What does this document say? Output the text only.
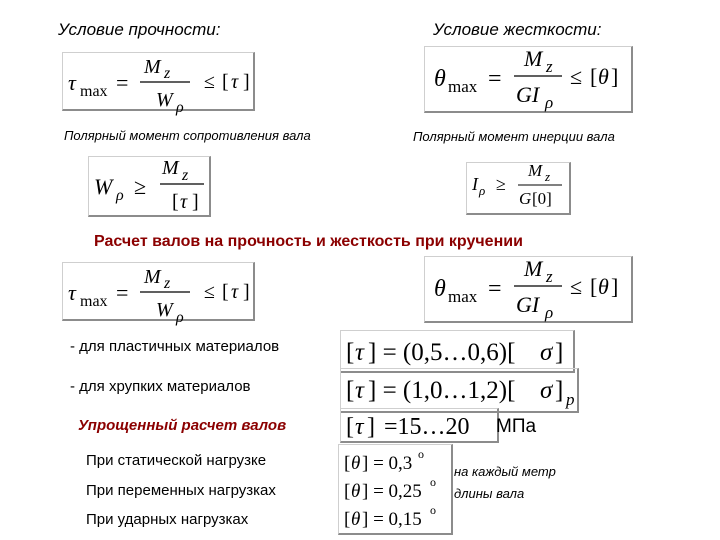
Условие прочности:	Условие жесткости:
Полярный момент сопротивления вала	Полярный момент инерции вала
Расчет валов на прочность и жесткость при кручении
- для пластичных материалов
- для хрупких материалов
Упрощенный расчет валов	МПа
При статической нагрузке
При переменных нагрузках
При ударных нагрузках
на каждый метр
длины вала
τ max =
M z
W ρ
≤ [ τ ]	θ max =
M z
GI ρ
≤ [ θ ]
W ρ ≥
M z
[ τ ]
I ρ ≥
M z
G [0]
τ max =
M z
W ρ
≤ [ τ ]	θ max =
M z
GI ρ
≤ [ θ ]
[ τ ] = (0,5…0,6)[ σ ]
[ τ ] = (1,0…1,2)[ σ ] p
[ τ ] =15…20
[ θ ] = 0,3 o
[ θ ] = 0,25 o
[ θ ] = 0,15 o
